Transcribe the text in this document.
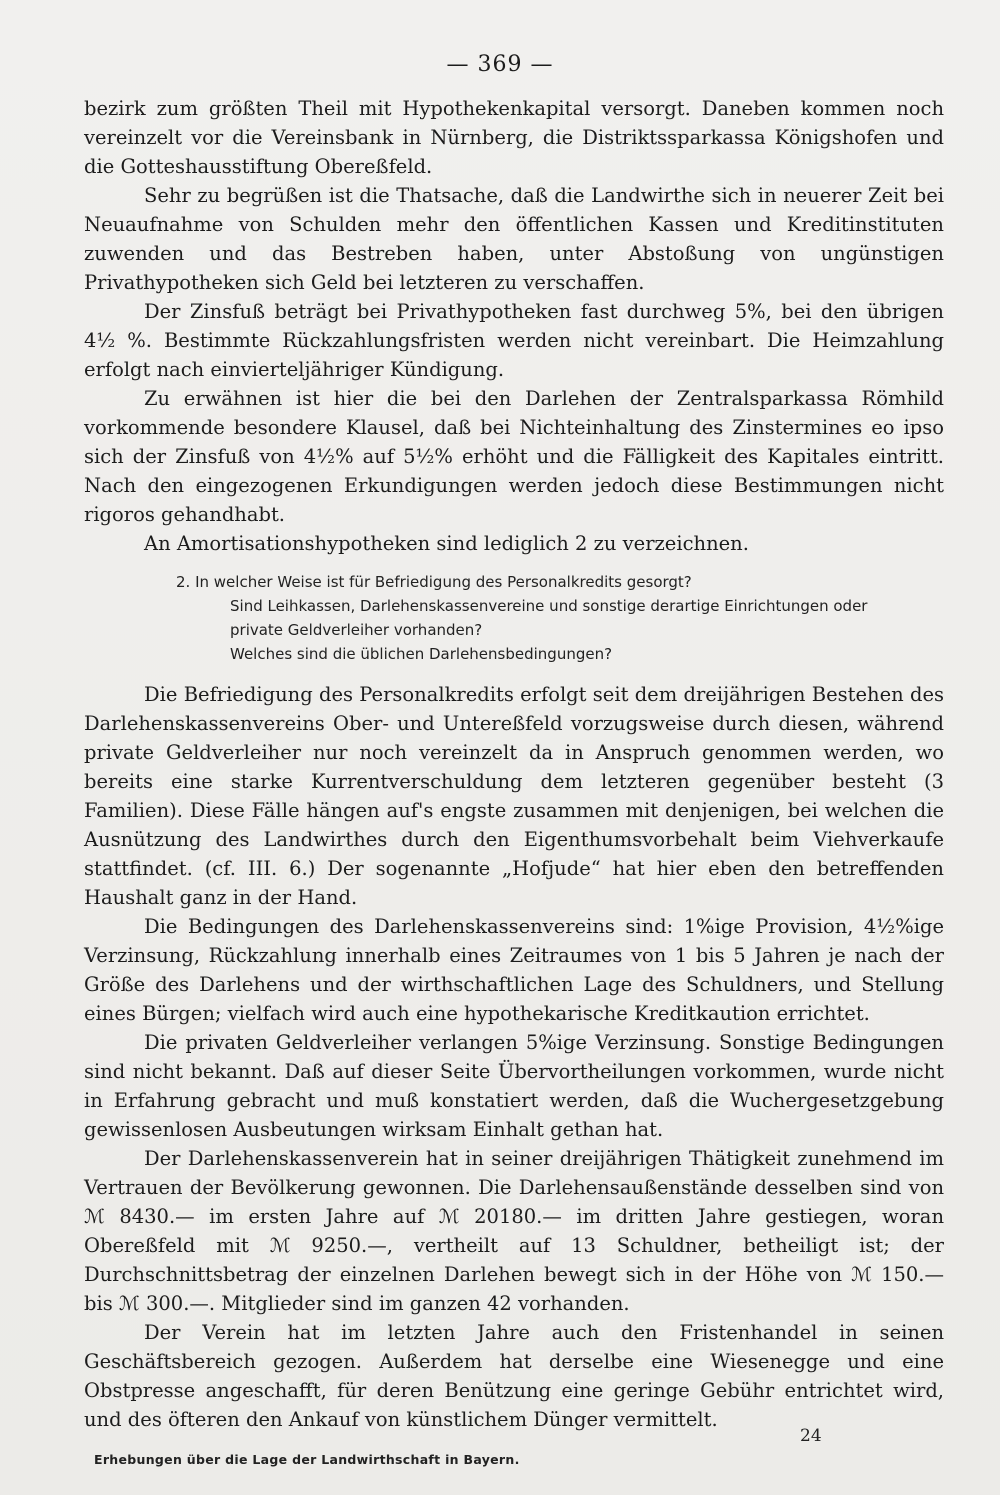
— 369 —

bezirk zum größten Theil mit Hypothekenkapital versorgt. Daneben kommen noch vereinzelt vor die Vereinsbank in Nürnberg, die Distriktssparkassa Königshofen und die Gotteshausstiftung Obereßfeld.

Sehr zu begrüßen ist die Thatsache, daß die Landwirthe sich in neuerer Zeit bei Neuaufnahme von Schulden mehr den öffentlichen Kassen und Kreditinstituten zuwenden und das Bestreben haben, unter Abstoßung von ungünstigen Privathypotheken sich Geld bei letzteren zu verschaffen.

Der Zinsfuß beträgt bei Privathypotheken fast durchweg 5%, bei den übrigen 4½ %. Bestimmte Rückzahlungsfristen werden nicht vereinbart. Die Heimzahlung erfolgt nach einvierteljähriger Kündigung.

Zu erwähnen ist hier die bei den Darlehen der Zentralsparkassa Römhild vorkommende besondere Klausel, daß bei Nichteinhaltung des Zinstermines eo ipso sich der Zinsfuß von 4½% auf 5½% erhöht und die Fälligkeit des Kapitales eintritt. Nach den eingezogenen Erkundigungen werden jedoch diese Bestimmungen nicht rigoros gehandhabt.

An Amortisationshypotheken sind lediglich 2 zu verzeichnen.

2. In welcher Weise ist für Befriedigung des Personalkredits gesorgt?
Sind Leihkassen, Darlehenskassenvereine und sonstige derartige Einrichtungen oder private Geldverleiher vorhanden?
Welches sind die üblichen Darlehensbedingungen?

Die Befriedigung des Personalkredits erfolgt seit dem dreijährigen Bestehen des Darlehenskassenvereins Ober- und Untereßfeld vorzugsweise durch diesen, während private Geldverleiher nur noch vereinzelt da in Anspruch genommen werden, wo bereits eine starke Kurrentverschuldung dem letzteren gegenüber besteht (3 Familien). Diese Fälle hängen auf's engste zusammen mit denjenigen, bei welchen die Ausnützung des Landwirthes durch den Eigenthumsvorbehalt beim Viehverkaufe stattfindet. (cf. III. 6.) Der sogenannte „Hofjude“ hat hier eben den betreffenden Haushalt ganz in der Hand.

Die Bedingungen des Darlehenskassenvereins sind: 1%ige Provision, 4½%ige Verzinsung, Rückzahlung innerhalb eines Zeitraumes von 1 bis 5 Jahren je nach der Größe des Darlehens und der wirthschaftlichen Lage des Schuldners, und Stellung eines Bürgen; vielfach wird auch eine hypothekarische Kreditkaution errichtet.

Die privaten Geldverleiher verlangen 5%ige Verzinsung. Sonstige Bedingungen sind nicht bekannt. Daß auf dieser Seite Übervortheilungen vorkommen, wurde nicht in Erfahrung gebracht und muß konstatiert werden, daß die Wuchergesetzgebung gewissenlosen Ausbeutungen wirksam Einhalt gethan hat.

Der Darlehenskassenverein hat in seiner dreijährigen Thätigkeit zunehmend im Vertrauen der Bevölkerung gewonnen. Die Darlehensaußenstände desselben sind von ℳ 8430.— im ersten Jahre auf ℳ 20180.— im dritten Jahre gestiegen, woran Obereßfeld mit ℳ 9250.—, vertheilt auf 13 Schuldner, betheiligt ist; der Durchschnittsbetrag der einzelnen Darlehen bewegt sich in der Höhe von ℳ 150.— bis ℳ 300.—. Mitglieder sind im ganzen 42 vorhanden.

Der Verein hat im letzten Jahre auch den Fristenhandel in seinen Geschäftsbereich gezogen. Außerdem hat derselbe eine Wiesenegge und eine Obstpresse angeschafft, für deren Benützung eine geringe Gebühr entrichtet wird, und des öfteren den Ankauf von künstlichem Dünger vermittelt.

24
Erhebungen über die Lage der Landwirthschaft in Bayern.
